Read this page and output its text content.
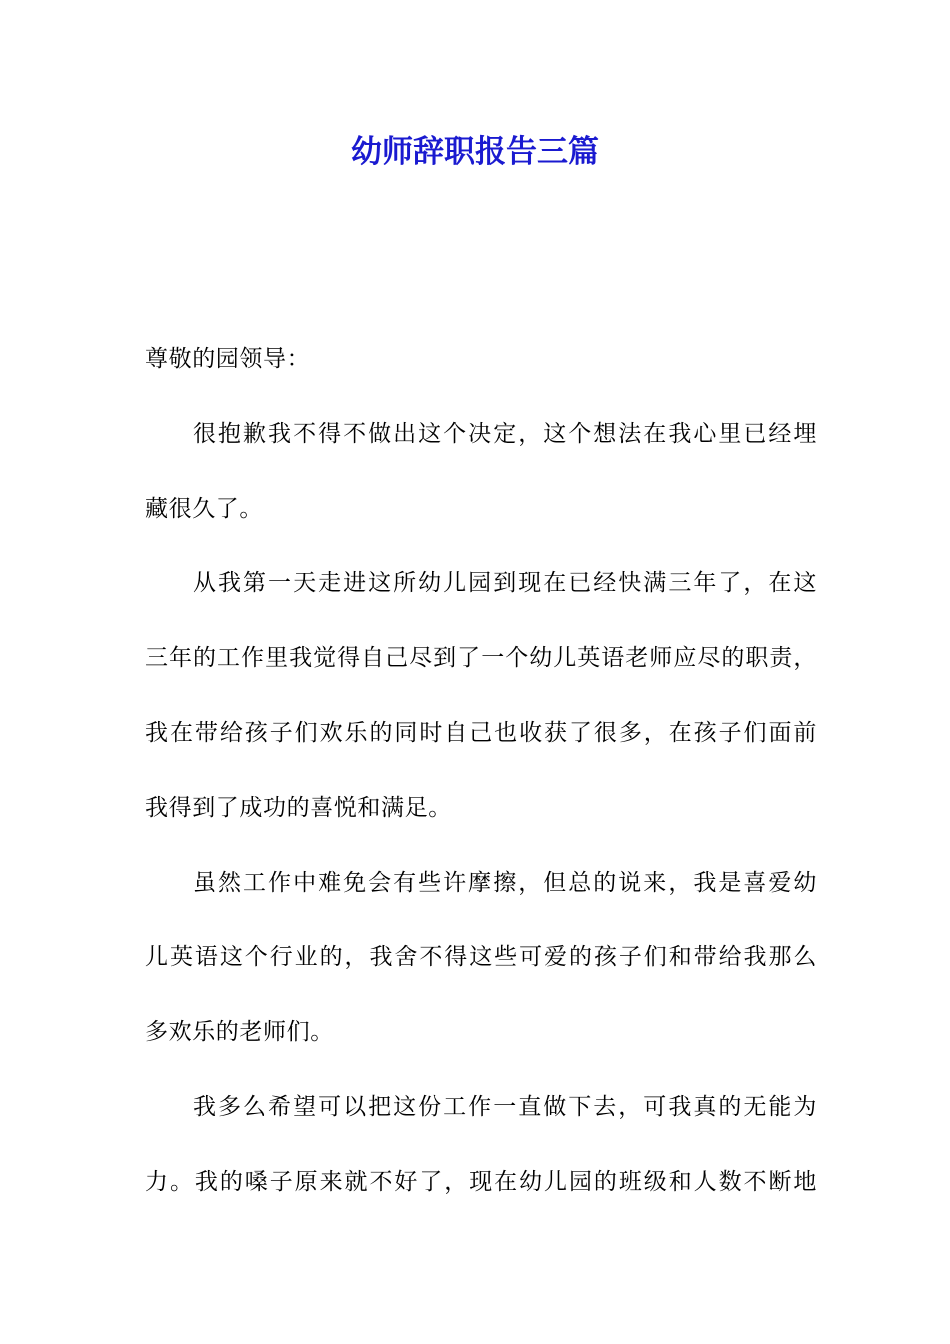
幼师辞职报告三篇
尊敬的园领导：
很抱歉我不得不做出这个决定，这个想法在我心里已经埋
藏很久了。
从我第一天走进这所幼儿园到现在已经快满三年了，在这
三年的工作里我觉得自己尽到了一个幼儿英语老师应尽的职责，
我在带给孩子们欢乐的同时自己也收获了很多，在孩子们面前
我得到了成功的喜悦和满足。
虽然工作中难免会有些许摩擦，但总的说来，我是喜爱幼
儿英语这个行业的，我舍不得这些可爱的孩子们和带给我那么
多欢乐的老师们。
我多么希望可以把这份工作一直做下去，可我真的无能为
力。我的嗓子原来就不好了，现在幼儿园的班级和人数不断地
